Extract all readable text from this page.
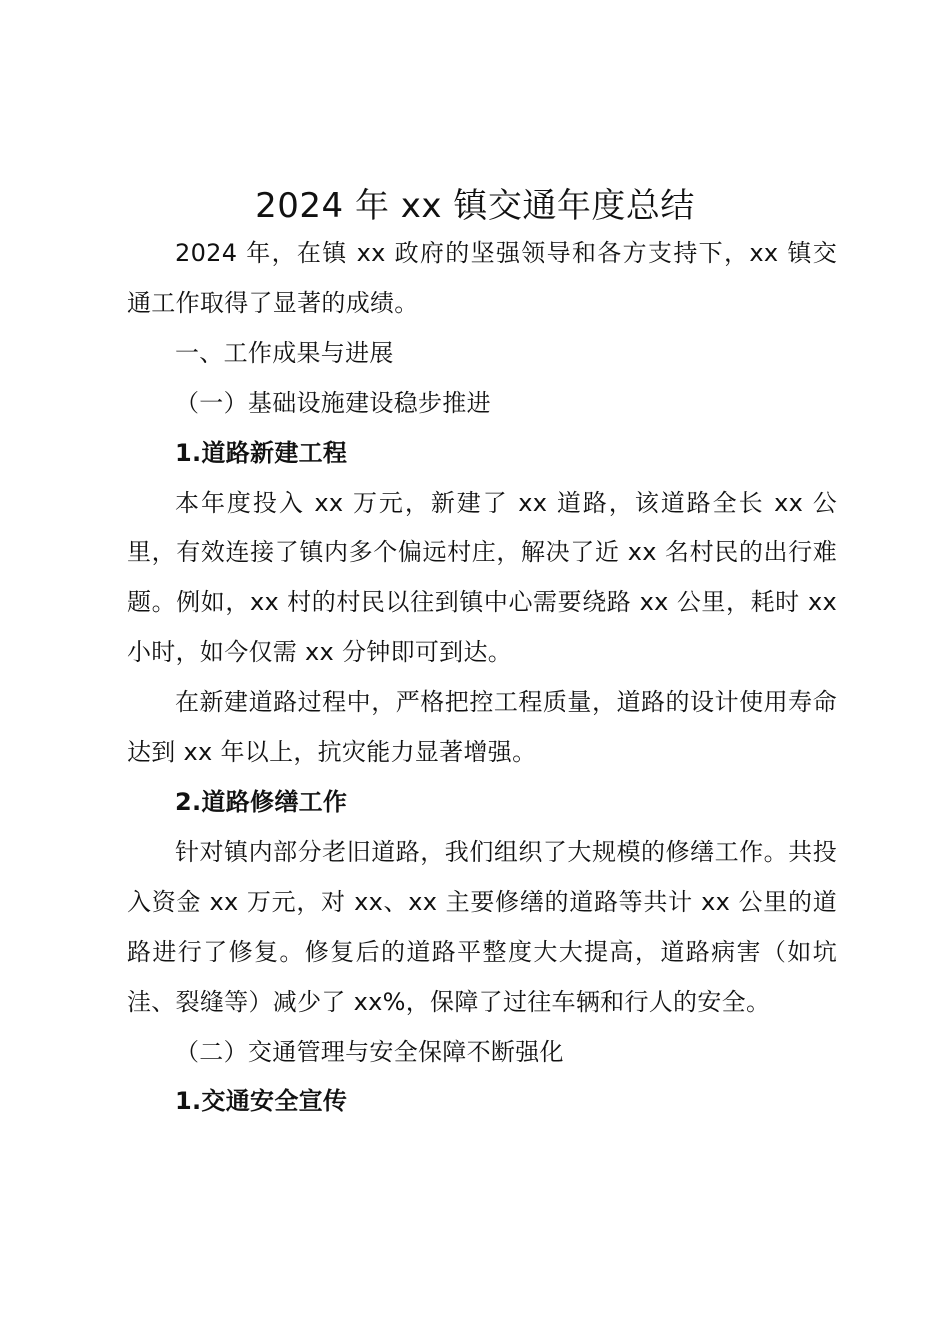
2024 年 xx 镇交通年度总结

2024 年，在镇 xx 政府的坚强领导和各方支持下，xx 镇交通工作取得了显著的成绩。

一、工作成果与进展

（一）基础设施建设稳步推进

1.道路新建工程

本年度投入 xx 万元，新建了 xx 道路，该道路全长 xx 公里，有效连接了镇内多个偏远村庄，解决了近 xx 名村民的出行难题。例如，xx 村的村民以往到镇中心需要绕路 xx 公里，耗时 xx 小时，如今仅需 xx 分钟即可到达。

在新建道路过程中，严格把控工程质量，道路的设计使用寿命达到 xx 年以上，抗灾能力显著增强。

2.道路修缮工作

针对镇内部分老旧道路，我们组织了大规模的修缮工作。共投入资金 xx 万元，对 xx、xx 主要修缮的道路等共计 xx 公里的道路进行了修复。修复后的道路平整度大大提高，道路病害（如坑洼、裂缝等）减少了 xx%，保障了过往车辆和行人的安全。

（二）交通管理与安全保障不断强化

1.交通安全宣传
